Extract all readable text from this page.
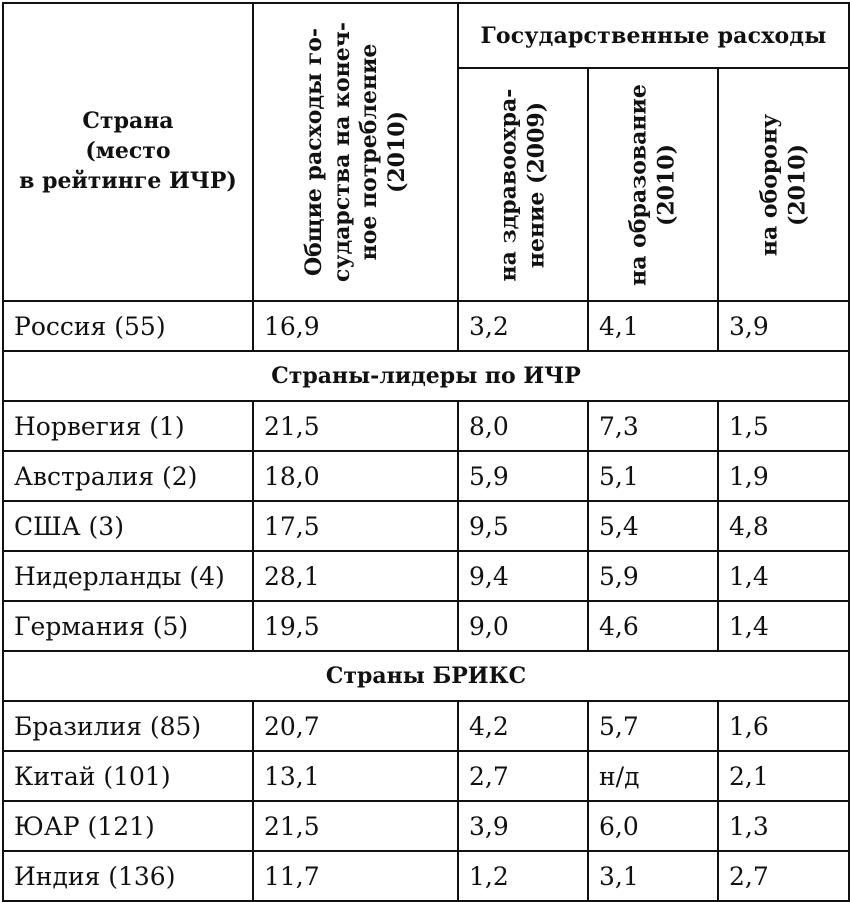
Страна
(место
в рейтинге ИЧР)	Общие расходы го- сударства на конеч- ное потребление (2010)	Государственные расходы		

		на здравоохра- нение (2009)	на образование (2010)	на оборону (2010)

Россия (55)	16,9	3,2	4,1	3,9
Страны-лидеры по ИЧР				
Норвегия (1)	21,5	8,0	7,3	1,5
Австралия (2)	18,0	5,9	5,1	1,9
США (3)	17,5	9,5	5,4	4,8
Нидерланды (4)	28,1	9,4	5,9	1,4
Германия (5)	19,5	9,0	4,6	1,4
Страны БРИКС				
Бразилия (85)	20,7	4,2	5,7	1,6
Китай (101)	13,1	2,7	н/д	2,1
ЮАР (121)	21,5	3,9	6,0	1,3
Индия (136)	11,7	1,2	3,1	2,7
